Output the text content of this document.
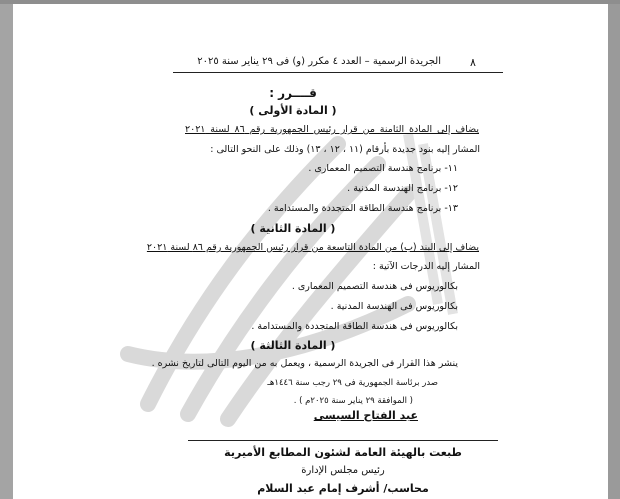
٨
الجريدة الرسمية – العدد ٤ مكرر (و) فى ٢٩ يناير سنة ٢٠٢٥
قــــرر :
( المادة الأولى )
يضاف إلى المادة الثامنة من قرار رئيس الجمهورية رقم ٨٦ لسنة ٢٠٢١
المشار إليه بنود جديدة بأرقام (١١ ، ١٢ ، ١٣) وذلك على النحو التالى :
١١- برنامج هندسة التصميم المعمارى .
١٢- برنامج الهندسة المدنية .
١٣- برنامج هندسة الطاقة المتجددة والمستدامة .
( المادة الثانية )
يضاف إلى البند (ب) من المادة التاسعة من قرار رئيس الجمهورية رقم ٨٦ لسنة ٢٠٢١
المشار إليه الدرجات الآتية :
بكالوريوس فى هندسة التصميم المعمارى .
بكالوريوس فى الهندسة المدنية .
بكالوريوس فى هندسة الطاقة المتجددة والمستدامة .
( المادة الثالثة )
ينشر هذا القرار فى الجريدة الرسمية ، ويعمل به من اليوم التالى لتاريخ نشره .
صدر برئاسة الجمهورية فى ٢٩ رجب سنة ١٤٤٦هـ
( الموافقة ٢٩ يناير سنة ٢٠٢٥م ) .
عبد الفتاح السيسى
طبعت بالهيئة العامة لشئون المطابع الأميرية
رئيس مجلس الإدارة
محاسب/ أشرف إمام عبد السلام
